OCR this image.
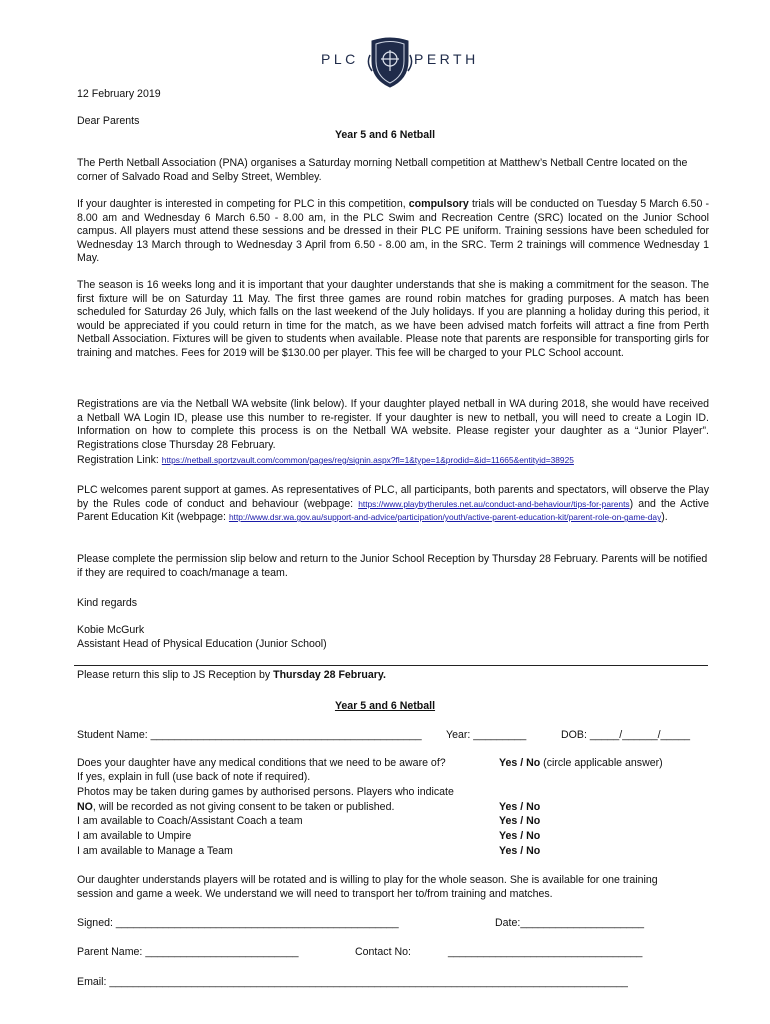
PLC	PERTH
12 February 2019
Dear Parents
Year 5 and 6 Netball
The Perth Netball Association (PNA) organises a Saturday morning Netball competition at Matthew’s Netball Centre located on the corner of Salvado Road and Selby Street, Wembley.
If your daughter is interested in competing for PLC in this competition, compulsory trials will be conducted on Tuesday 5 March 6.50 - 8.00 am and Wednesday 6 March 6.50 - 8.00 am, in the PLC Swim and Recreation Centre (SRC) located on the Junior School campus. All players must attend these sessions and be dressed in their PLC PE uniform. Training sessions have been scheduled for Wednesday 13 March through to Wednesday 3 April from 6.50 - 8.00 am, in the SRC. Term 2 trainings will commence Wednesday 1 May.
The season is 16 weeks long and it is important that your daughter understands that she is making a commitment for the season. The first fixture will be on Saturday 11 May. The first three games are round robin matches for grading purposes. A match has been scheduled for Saturday 26 July, which falls on the last weekend of the July holidays. If you are planning a holiday during this period, it would be appreciated if you could return in time for the match, as we have been advised match forfeits will attract a fine from Perth Netball Association. Fixtures will be given to students when available. Please note that parents are responsible for transporting girls for training and matches. Fees for 2019 will be $130.00 per player. This fee will be charged to your PLC School account.
Registrations are via the Netball WA website (link below). If your daughter played netball in WA during 2018, she would have received a Netball WA Login ID, please use this number to re-register. If your daughter is new to netball, you will need to create a Login ID. Information on how to complete this process is on the Netball WA website. Please register your daughter as a “Junior Player”. Registrations close Thursday 28 February.
Registration Link: https://netball.sportzvault.com/common/pages/reg/signin.aspx?fl=1&type=1&prodid=&id=11665&entityid=38925
PLC welcomes parent support at games. As representatives of PLC, all participants, both parents and spectators, will observe the Play by the Rules code of conduct and behaviour (webpage: https://www.playbytherules.net.au/conduct-and-behaviour/tips-for-parents) and the Active Parent Education Kit (webpage: http://www.dsr.wa.gov.au/support-and-advice/participation/youth/active-parent-education-kit/parent-role-on-game-day).
Please complete the permission slip below and return to the Junior School Reception by Thursday 28 February. Parents will be notified if they are required to coach/manage a team.
Kind regards
Kobie McGurk
Assistant Head of Physical Education (Junior School)
Please return this slip to JS Reception by Thursday 28 February.
Year 5 and 6 Netball
Student Name: ______________________________________________ Year: _________	DOB: _____/______/_____
Does your daughter have any medical conditions that we need to be aware of?	Yes / No (circle applicable answer)
If yes, explain in full (use back of note if required).
Photos may be taken during games by authorised persons. Players who indicate
NO, will be recorded as not giving consent to be taken or published.	Yes / No
I am available to Coach/Assistant Coach a team	Yes / No
I am available to Umpire	Yes / No
I am available to Manage a Team	Yes / No
Our daughter understands players will be rotated and is willing to play for the whole season. She is available for one training session and game a week. We understand we will need to transport her to/from training and matches.
Signed: ________________________________________________	Date:_____________________
Parent Name: __________________________	Contact No:	_________________________________
Email: ________________________________________________________________________________________
